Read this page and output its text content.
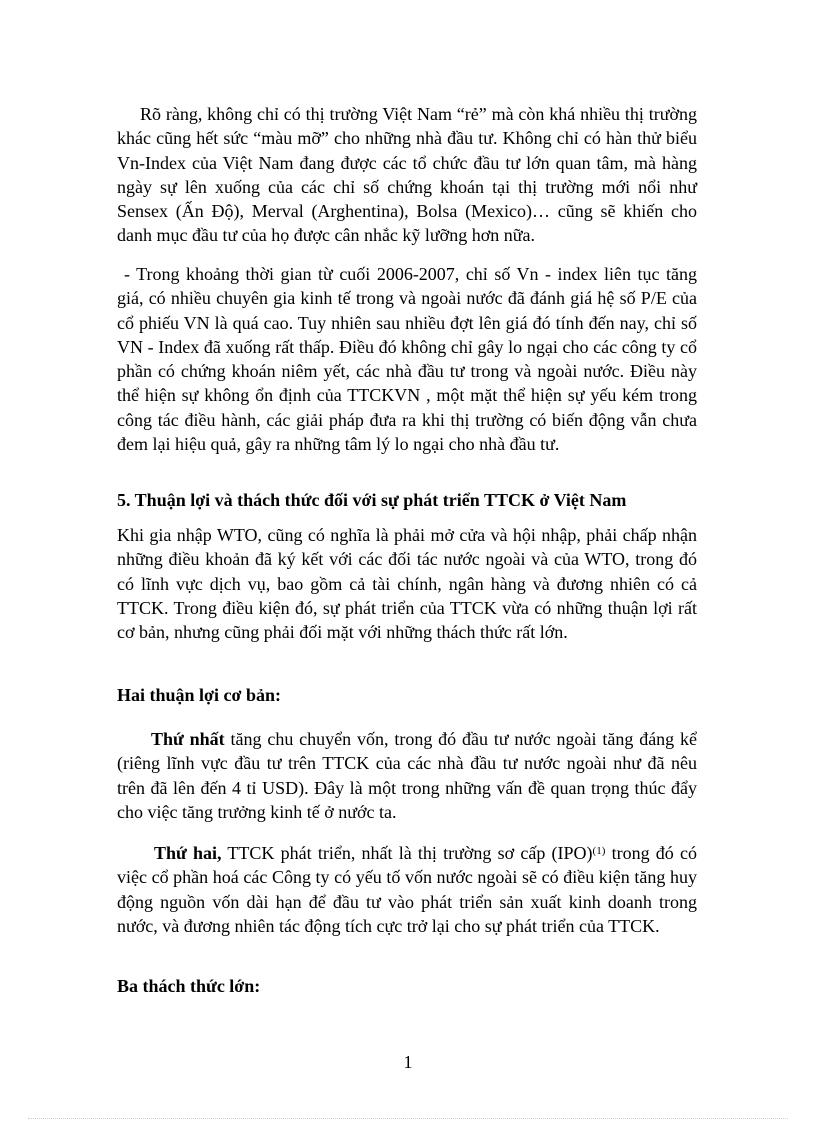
Rõ ràng, không chỉ có thị trường Việt Nam “rẻ” mà còn khá nhiều thị trường khác cũng hết sức “màu mỡ” cho những nhà đầu tư. Không chỉ có hàn thử biểu Vn-Index của Việt Nam đang được các tổ chức đầu tư lớn quan tâm, mà hàng ngày sự lên xuống của các chỉ số chứng khoán tại thị trường mới nổi như Sensex (Ấn Độ), Merval (Arghentina), Bolsa (Mexico)… cũng sẽ khiến cho danh mục đầu tư của họ được cân nhắc kỹ lưỡng hơn nữa.

- Trong khoảng thời gian từ cuối 2006-2007, chỉ số Vn - index liên tục tăng giá, có nhiều chuyên gia kinh tế trong và ngoài nước đã đánh giá hệ số P/E của cổ phiếu VN là quá cao. Tuy nhiên sau nhiều đợt lên giá đó tính đến nay, chỉ số VN - Index đã xuống rất thấp. Điều đó không chỉ gây lo ngại cho các công ty cổ phần có chứng khoán niêm yết, các nhà đầu tư trong và ngoài nước. Điều này thể hiện sự không ổn định của TTCKVN , một mặt thể hiện sự yếu kém trong công tác điều hành, các giải pháp đưa ra khi thị trường có biến động vẫn chưa đem lại hiệu quả, gây ra những tâm lý lo ngại cho nhà đầu tư.

5. Thuận lợi và thách thức đối với sự phát triển TTCK ở Việt Nam

Khi gia nhập WTO, cũng có nghĩa là phải mở cửa và hội nhập, phải chấp nhận những điều khoản đã ký kết với các đối tác nước ngoài và của WTO, trong đó có lĩnh vực dịch vụ, bao gồm cả tài chính, ngân hàng và đương nhiên có cả TTCK. Trong điều kiện đó, sự phát triển của TTCK vừa có những thuận lợi rất cơ bản, nhưng cũng phải đối mặt với những thách thức rất lớn.

Hai thuận lợi cơ bản:

Thứ nhất tăng chu chuyển vốn, trong đó đầu tư nước ngoài tăng đáng kể (riêng lĩnh vực đầu tư trên TTCK của các nhà đầu tư nước ngoài như đã nêu trên đã lên đến 4 tỉ USD). Đây là một trong những vấn đề quan trọng thúc đẩy cho việc tăng trưởng kinh tế ở nước ta.

Thứ hai, TTCK phát triển, nhất là thị trường sơ cấp (IPO)$^{(1)}$ trong đó có việc cổ phần hoá các Công ty có yếu tố vốn nước ngoài sẽ có điều kiện tăng huy động nguồn vốn dài hạn để đầu tư vào phát triển sản xuất kinh doanh trong nước, và đương nhiên tác động tích cực trở lại cho sự phát triển của TTCK.

Ba thách thức lớn:
1
